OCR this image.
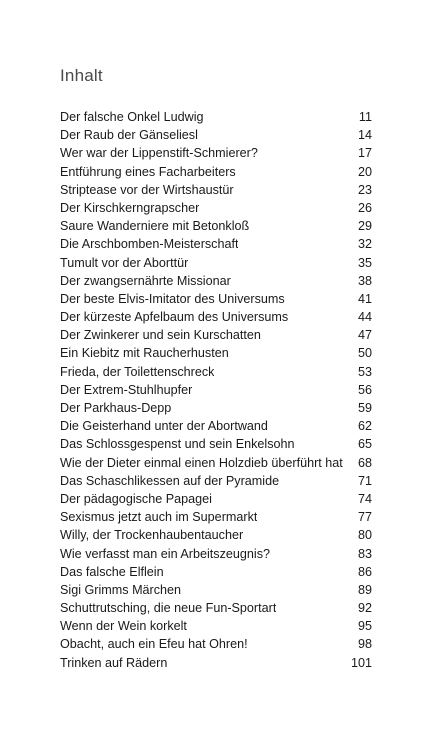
Inhalt
Der falsche Onkel Ludwig	11
Der Raub der Gänseliesl	14
Wer war der Lippenstift-Schmierer?	17
Entführung eines Facharbeiters	20
Striptease vor der Wirtshaustür	23
Der Kirschkerngrapscher	26
Saure Wanderniere mit Betonkloß	29
Die Arschbomben-Meisterschaft	32
Tumult vor der Aborttür	35
Der zwangsernährte Missionar	38
Der beste Elvis-Imitator des Universums	41
Der kürzeste Apfelbaum des Universums	44
Der Zwinkerer und sein Kurschatten	47
Ein Kiebitz mit Raucherhusten	50
Frieda, der Toilettenschreck	53
Der Extrem-Stuhlhupfer	56
Der Parkhaus-Depp	59
Die Geisterhand unter der Abortwand	62
Das Schlossgespenst und sein Enkelsohn	65
Wie der Dieter einmal einen Holzdieb überführt hat	68
Das Schaschlikessen auf der Pyramide	71
Der pädagogische Papagei	74
Sexismus jetzt auch im Supermarkt	77
Willy, der Trockenhaubentaucher	80
Wie verfasst man ein Arbeitszeugnis?	83
Das falsche Elflein	86
Sigi Grimms Märchen	89
Schuttrutsching, die neue Fun-Sportart	92
Wenn der Wein korkelt	95
Obacht, auch ein Efeu hat Ohren!	98
Trinken auf Rädern	101
